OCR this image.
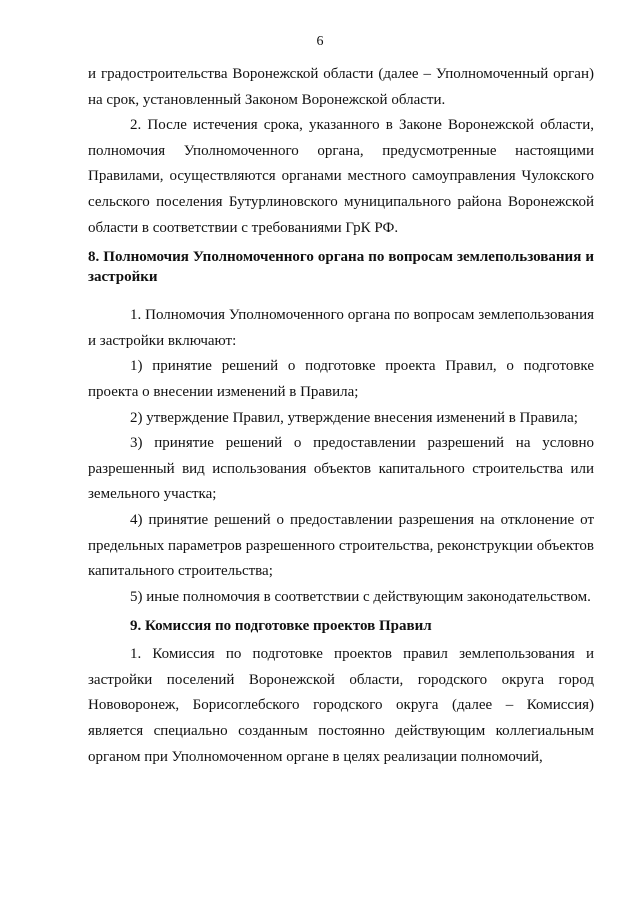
6

и градостроительства Воронежской области (далее – Уполномоченный орган) на срок, установленный Законом Воронежской области.

2. После истечения срока, указанного в Законе Воронежской области, полномочия Уполномоченного органа, предусмотренные настоящими Правилами, осуществляются органами местного самоуправления Чулокского сельского поселения Бутурлиновского муниципального района Воронежской области в соответствии с требованиями ГрК РФ.

8. Полномочия Уполномоченного органа по вопросам землепользования и застройки

1. Полномочия Уполномоченного органа по вопросам землепользования и застройки включают:

1) принятие решений о подготовке проекта Правил, о подготовке проекта о внесении изменений в Правила;

2) утверждение Правил, утверждение внесения изменений в Правила;

3) принятие решений о предоставлении разрешений на условно разрешенный вид использования объектов капитального строительства или земельного участка;

4) принятие решений о предоставлении разрешения на отклонение от предельных параметров разрешенного строительства, реконструкции объектов капитального строительства;

5) иные полномочия в соответствии с действующим законодательством.

9. Комиссия по подготовке проектов Правил

1. Комиссия по подготовке проектов правил землепользования и застройки поселений Воронежской области, городского округа город Нововоронеж, Борисоглебского городского округа (далее – Комиссия) является специально созданным постоянно действующим коллегиальным органом при Уполномоченном органе в целях реализации полномочий,
